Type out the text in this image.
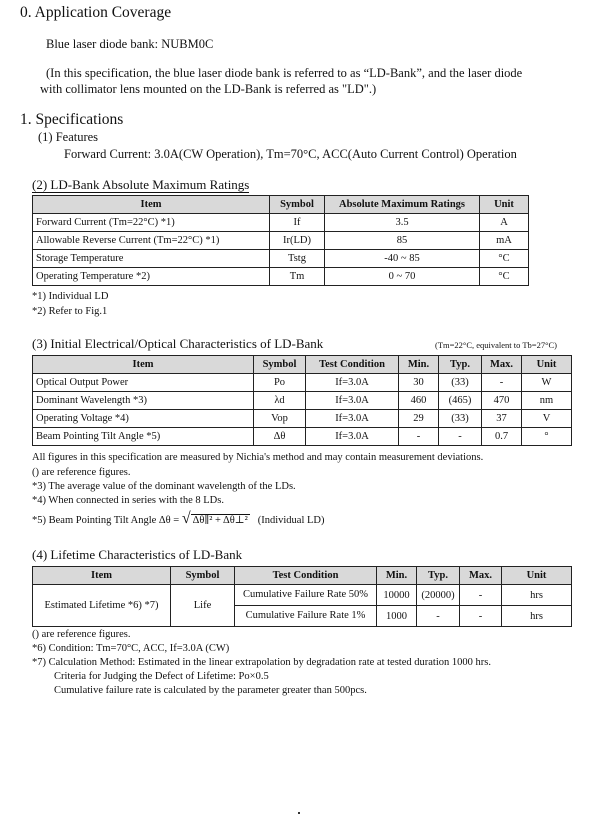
0. Application Coverage
Blue laser diode bank: NUBM0C
(In this specification, the blue laser diode bank is referred to as “LD-Bank”, and the laser diode
with collimator lens mounted on the LD-Bank is referred as "LD".)
1. Specifications
(1) Features
Forward Current: 3.0A(CW Operation), Tm=70°C, ACC(Auto Current Control) Operation
(2) LD-Bank Absolute Maximum Ratings
Item	Symbol	Absolute Maximum Ratings	Unit
Forward Current (Tm=22°C) *1)	If	3.5	A
Allowable Reverse Current (Tm=22°C) *1)	Ir(LD)	85	mA
Storage Temperature	Tstg	-40 ~ 85	°C
Operating Temperature *2)	Tm	0 ~ 70	°C
*1) Individual LD
*2) Refer to Fig.1
(3) Initial Electrical/Optical Characteristics of LD-Bank	(Tm=22°C, equivalent to Tb=27°C)
Item	Symbol	Test Condition	Min.	Typ.	Max.	Unit
Optical Output Power	Po	If=3.0A	30	(33)	-	W
Dominant Wavelength *3)	λd	If=3.0A	460	(465)	470	nm
Operating Voltage *4)	Vop	If=3.0A	29	(33)	37	V
Beam Pointing Tilt Angle *5)	Δθ	If=3.0A	-	-	0.7	°
All figures in this specification are measured by Nichia's method and may contain measurement deviations.
() are reference figures.
*3) The average value of the dominant wavelength of the LDs.
*4) When connected in series with the 8 LDs.
*5) Beam Pointing Tilt Angle Δθ = √ Δθ∥² + Δθ⊥² (Individual LD)
(4) Lifetime Characteristics of LD-Bank
Item	Symbol	Test Condition	Min.	Typ.	Max.	Unit
Estimated Lifetime *6) *7)	Life	Cumulative Failure Rate 50%	10000	(20000)	-	hrs
		Cumulative Failure Rate 1%	1000	-	-	hrs
() are reference figures.
*6) Condition: Tm=70°C, ACC, If=3.0A (CW)
*7) Calculation Method: Estimated in the linear extrapolation by degradation rate at tested duration 1000 hrs.
Criteria for Judging the Defect of Lifetime: Po×0.5
Cumulative failure rate is calculated by the parameter greater than 500pcs.
